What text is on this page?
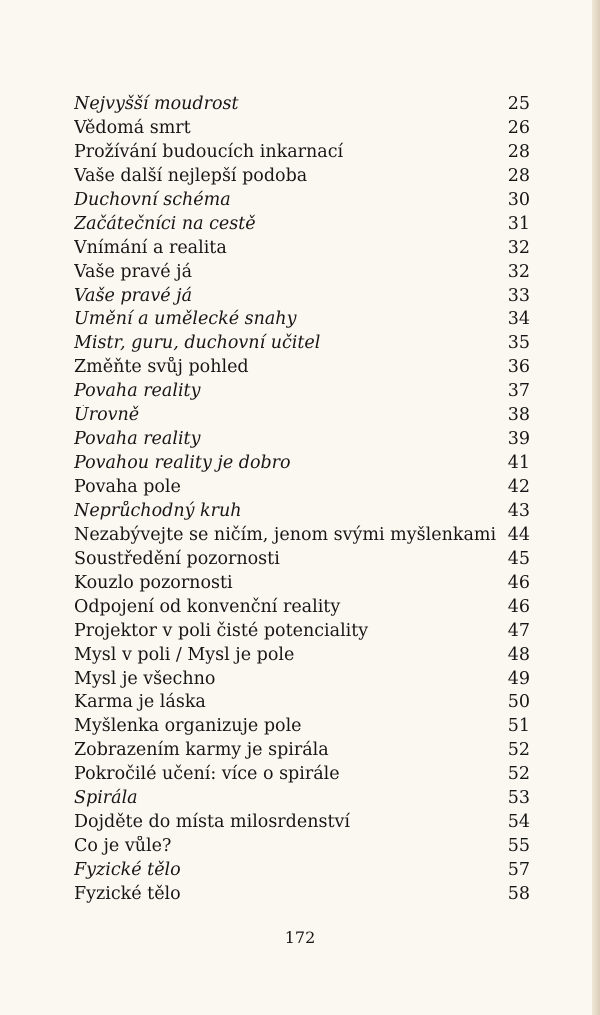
Nejvyšší moudrost	25
Vědomá smrt	26
Prožívání budoucích inkarnací	28
Vaše další nejlepší podoba	28
Duchovní schéma	30
Začátečníci na cestě	31
Vnímání a realita	32
Vaše pravé já	32
Vaše pravé já	33
Umění a umělecké snahy	34
Mistr, guru, duchovní učitel	35
Změňte svůj pohled	36
Povaha reality	37
Úrovně	38
Povaha reality	39
Povahou reality je dobro	41
Povaha pole	42
Neprůchodný kruh	43
Nezabývejte se ničím, jenom svými myšlenkami 44
Soustředění pozornosti	45
Kouzlo pozornosti	46
Odpojení od konvenční reality	46
Projektor v poli čisté potenciality	47
Mysl v poli / Mysl je pole	48
Mysl je všechno	49
Karma je láska	50
Myšlenka organizuje pole	51
Zobrazením karmy je spirála	52
Pokročilé učení: více o spirále	52
Spirála	53
Dojděte do místa milosrdenství	54
Co je vůle?	55
Fyzické tělo	57
Fyzické tělo	58
172
